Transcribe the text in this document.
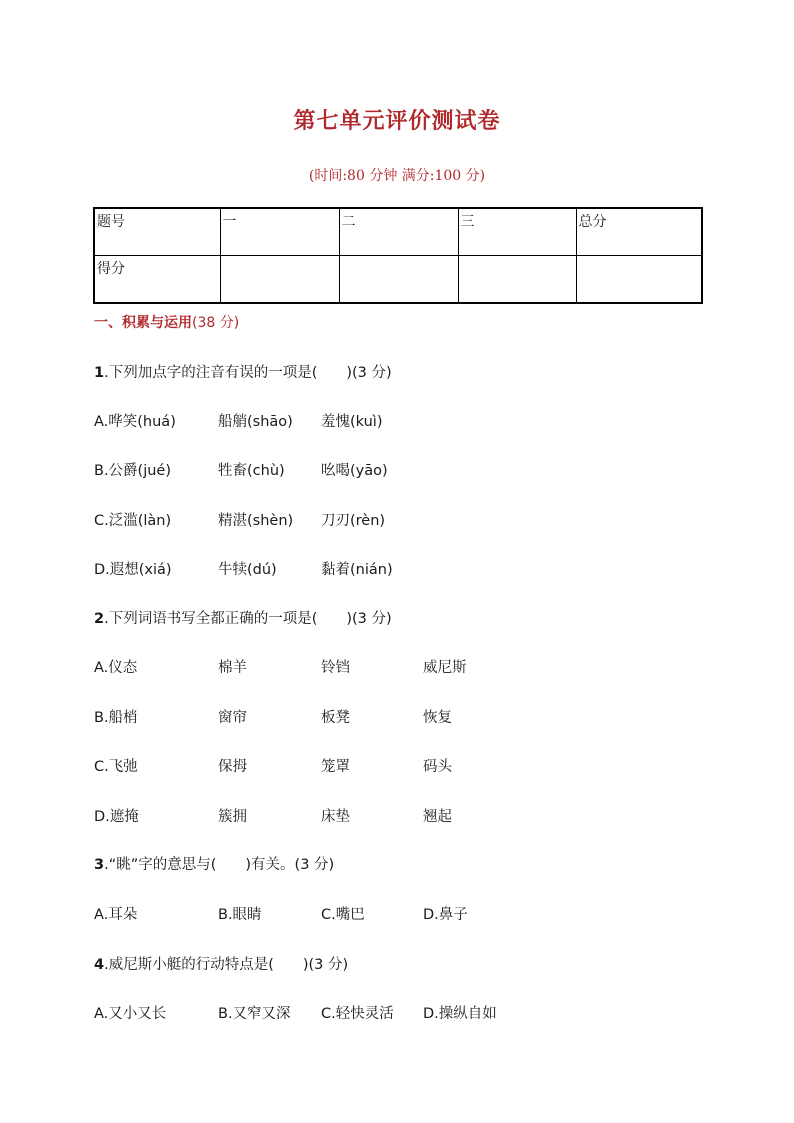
第七单元评价测试卷
(时间:80 分钟 满分:100 分)
题号	一	二	三	总分
得分				
一、积累与运用(38 分)
1.下列加点字的注音有误的一项是(　　)(3 分)
A.哗笑(huá)	船艄(shāo) 羞愧(kuì)
B.公爵(jué)	牲畜(chù)	吆喝(yāo)
C.泛滥(làn)	精湛(shèn) 刀刃(rèn)
D.遐想(xiá)	牛犊(dú)	黏着(nián)
2.下列词语书写全都正确的一项是(　　)(3 分)
A.仪态	棉羊	铃铛	威尼斯
B.船梢	窗帘	板凳	恢复
C.飞弛	保拇	笼罩	码头
D.遮掩	簇拥	床垫	翘起
3.“眺”字的意思与(　　)有关。(3 分)
A.耳朵	B.眼睛	C.嘴巴	D.鼻子
4.威尼斯小艇的行动特点是(　　)(3 分)
A.又小又长	B.又窄又深 C.轻快灵活 D.操纵自如
